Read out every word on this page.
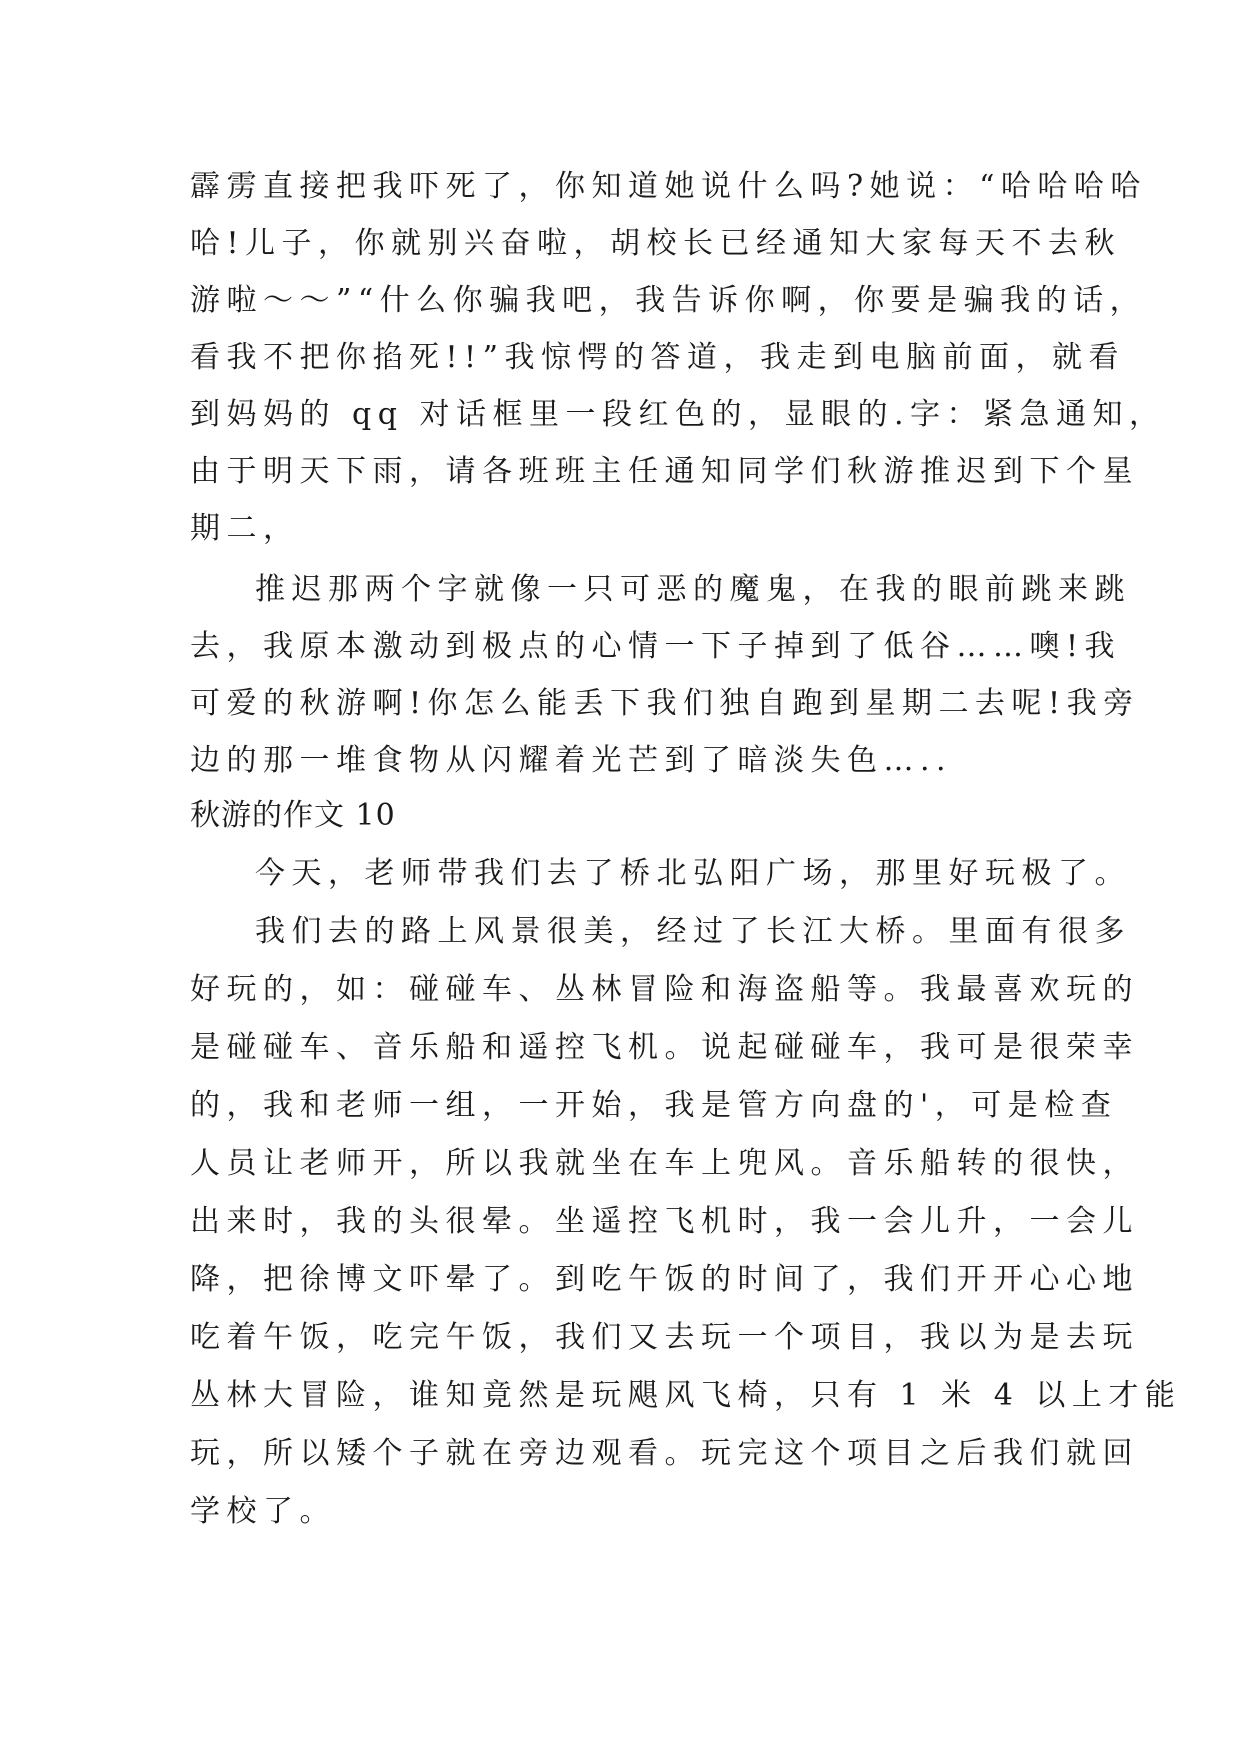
霹雳直接把我吓死了，你知道她说什么吗?她说：“哈哈哈哈
哈!儿子，你就别兴奋啦，胡校长已经通知大家每天不去秋
游啦～～”“什么你骗我吧，我告诉你啊，你要是骗我的话，
看我不把你掐死!!”我惊愕的答道，我走到电脑前面，就看
到妈妈的 qq 对话框里一段红色的，显眼的.字：紧急通知，
由于明天下雨，请各班班主任通知同学们秋游推迟到下个星
期二，
推迟那两个字就像一只可恶的魔鬼，在我的眼前跳来跳
去，我原本激动到极点的心情一下子掉到了低谷……噢!我
可爱的秋游啊!你怎么能丢下我们独自跑到星期二去呢!我旁
边的那一堆食物从闪耀着光芒到了暗淡失色…..
秋游的作文 10
今天，老师带我们去了桥北弘阳广场，那里好玩极了。
我们去的路上风景很美，经过了长江大桥。里面有很多
好玩的，如：碰碰车、丛林冒险和海盗船等。我最喜欢玩的
是碰碰车、音乐船和遥控飞机。说起碰碰车，我可是很荣幸
的，我和老师一组，一开始，我是管方向盘的'，可是检查
人员让老师开，所以我就坐在车上兜风。音乐船转的很快，
出来时，我的头很晕。坐遥控飞机时，我一会儿升，一会儿
降，把徐博文吓晕了。到吃午饭的时间了，我们开开心心地
吃着午饭，吃完午饭，我们又去玩一个项目，我以为是去玩
丛林大冒险，谁知竟然是玩飓风飞椅，只有 1 米 4 以上才能
玩，所以矮个子就在旁边观看。玩完这个项目之后我们就回
学校了。
